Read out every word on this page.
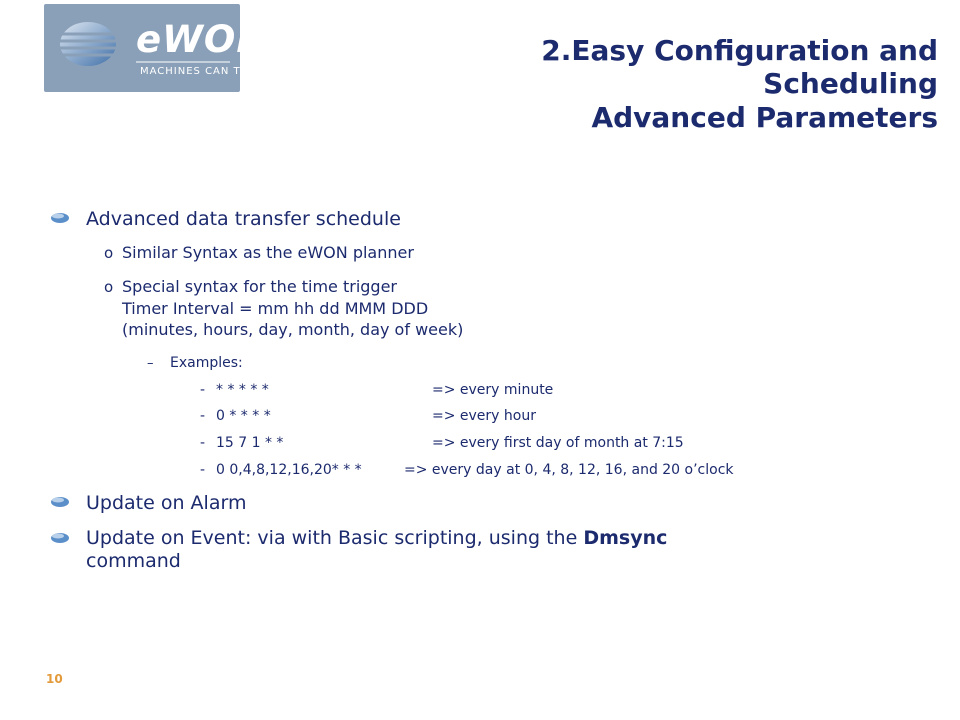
eWON
MACHINES CAN TALK
2.Easy Configuration and
Scheduling
Advanced Parameters
Advanced data transfer schedule
o Similar Syntax as the eWON planner
o Special syntax for the time trigger
Timer Interval = mm hh dd MMM DDD
(minutes, hours, day, month, day of week)
– Examples:
- * * * * *	=> every minute
- 0 * * * *	=> every hour
- 15 7 1 * *	=> every first day of month at 7:15
- 0 0,4,8,12,16,20* * *	=> every day at 0, 4, 8, 12, 16, and 20 o’clock
Update on Alarm
Update on Event: via with Basic scripting, using the Dmsync
command
10
